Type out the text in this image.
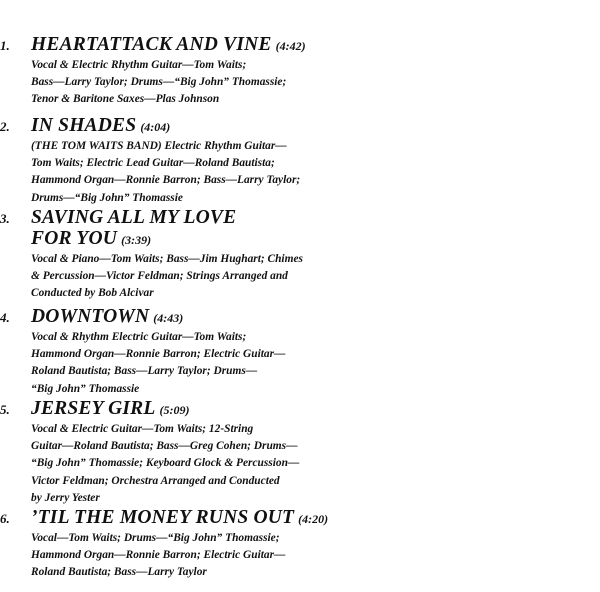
1. HEARTATTACK AND VINE (4:42)
Vocal & Electric Rhythm Guitar—Tom Waits;
Bass—Larry Taylor; Drums—“Big John” Thomassie;
Tenor & Baritone Saxes—Plas Johnson
2. IN SHADES (4:04)
(THE TOM WAITS BAND) Electric Rhythm Guitar—
Tom Waits; Electric Lead Guitar—Roland Bautista;
Hammond Organ—Ronnie Barron; Bass—Larry Taylor;
Drums—“Big John” Thomassie
3. SAVING ALL MY LOVE
FOR YOU (3:39)
Vocal & Piano—Tom Waits; Bass—Jim Hughart; Chimes
& Percussion—Victor Feldman; Strings Arranged and
Conducted by Bob Alcivar
4. DOWNTOWN (4:43)
Vocal & Rhythm Electric Guitar—Tom Waits;
Hammond Organ—Ronnie Barron; Electric Guitar—
Roland Bautista; Bass—Larry Taylor; Drums—
“Big John” Thomassie
5. JERSEY GIRL (5:09)
Vocal & Electric Guitar—Tom Waits; 12-String
Guitar—Roland Bautista; Bass—Greg Cohen; Drums—
“Big John” Thomassie; Keyboard Glock & Percussion—
Victor Feldman; Orchestra Arranged and Conducted
by Jerry Yester
6. ’TIL THE MONEY RUNS OUT (4:20)
Vocal—Tom Waits; Drums—“Big John” Thomassie;
Hammond Organ—Ronnie Barron; Electric Guitar—
Roland Bautista; Bass—Larry Taylor
